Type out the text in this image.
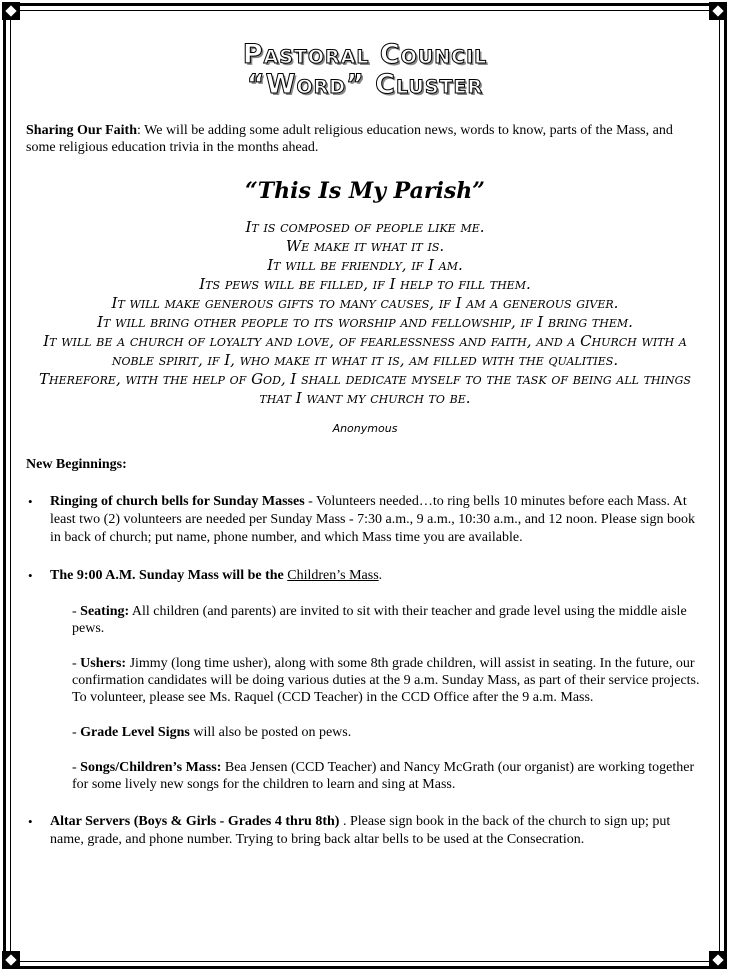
Pastoral Council
“Word” Cluster

Sharing Our Faith: We will be adding some adult religious education news, words to know, parts of the Mass, and some religious education trivia in the months ahead.

“This Is My Parish”
It is composed of people like me.
We make it what it is.
It will be friendly, if I am.
Its pews will be filled, if I help to fill them.
It will make generous gifts to many causes, if I am a generous giver.
It will bring other people to its worship and fellowship, if I bring them.
It will be a church of loyalty and love, of fearlessness and faith, and a Church with a noble spirit, if I, who make it what it is, am filled with the qualities.
Therefore, with the help of God, I shall dedicate myself to the task of being all things that I want my church to be.
Anonymous
New Beginnings:
• Ringing of church bells for Sunday Masses - Volunteers needed…to ring bells 10 minutes before each Mass. At least two (2) volunteers are needed per Sunday Mass - 7:30 a.m., 9 a.m., 10:30 a.m., and 12 noon. Please sign book in back of church; put name, phone number, and which Mass time you are available.
• The 9:00 A.M. Sunday Mass will be the Children’s Mass.
- Seating: All children (and parents) are invited to sit with their teacher and grade level using the middle aisle pews.
- Ushers: Jimmy (long time usher), along with some 8th grade children, will assist in seating. In the future, our confirmation candidates will be doing various duties at the 9 a.m. Sunday Mass, as part of their service projects. To volunteer, please see Ms. Raquel (CCD Teacher) in the CCD Office after the 9 a.m. Mass.
- Grade Level Signs will also be posted on pews.
- Songs/Children’s Mass: Bea Jensen (CCD Teacher) and Nancy McGrath (our organist) are working together for some lively new songs for the children to learn and sing at Mass.
• Altar Servers (Boys & Girls - Grades 4 thru 8th) . Please sign book in the back of the church to sign up; put name, grade, and phone number. Trying to bring back altar bells to be used at the Consecration.
